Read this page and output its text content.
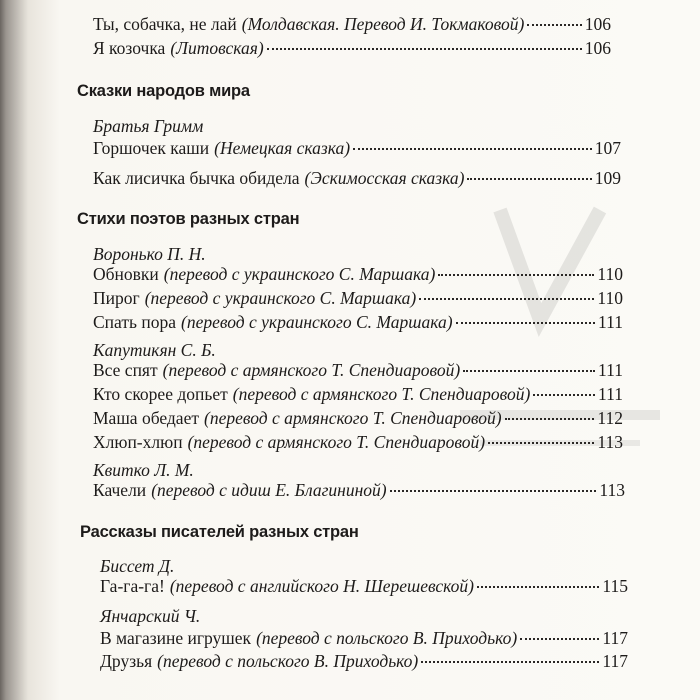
Ты, собачка, не лай (Молдавская. Перевод И. Токмаковой)	106
Я козочка (Литовская)	106
Сказки народов мира
Братья Гримм
Горшочек каши (Немецкая сказка)	107
Как лисичка бычка обидела (Эскимосская сказка)	109
Стихи поэтов разных стран
Воронько П. Н.
Обновки (перевод с украинского С. Маршака)	110
Пирог (перевод с украинского С. Маршака)	110
Спать пора (перевод с украинского С. Маршака)	111
Капутикян С. Б.
Все спят (перевод с армянского Т. Спендиаровой)	111
Кто скорее допьет (перевод с армянского Т. Спендиаровой)	111
Маша обедает (перевод с армянского Т. Спендиаровой)	112
Хлюп-хлюп (перевод с армянского Т. Спендиаровой)	113
Квитко Л. М.
Качели (перевод с идиш Е. Благининой)	113
Рассказы писателей разных стран
Биссет Д.
Га-га-га! (перевод с английского Н. Шерешевской)	115
Янчарский Ч.
В магазине игрушек (перевод с польского В. Приходько)	117
Друзья (перевод с польского В. Приходько)	117
